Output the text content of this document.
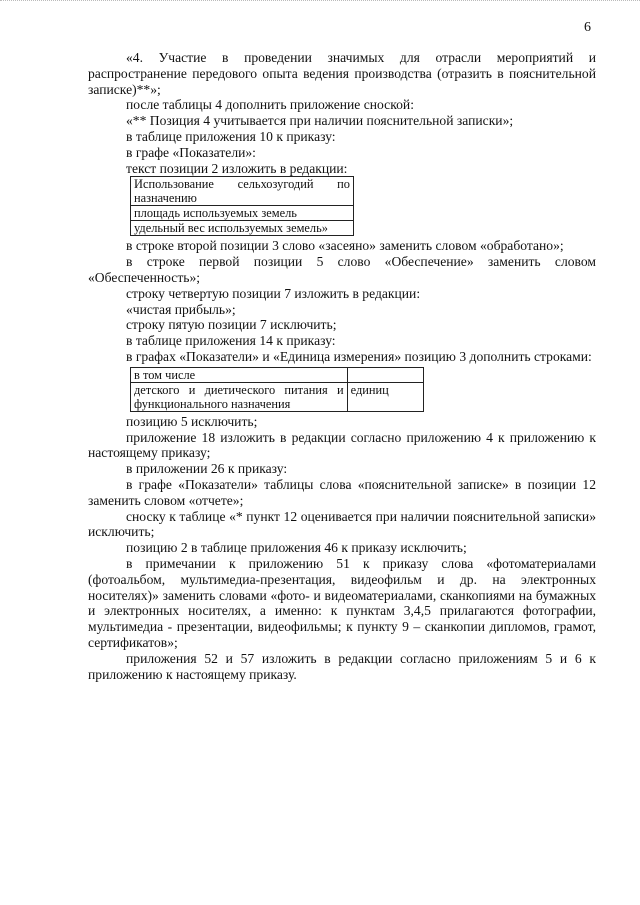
6

«4. Участие в проведении значимых для отрасли мероприятий и распространение передового опыта ведения производства (отразить в пояснительной записке)**»;

после таблицы 4 дополнить приложение сноской:

«** Позиция 4 учитывается при наличии пояснительной записки»;

в таблице приложения 10 к приказу:

в графе «Показатели»:

текст позиции 2 изложить в редакции:

Использование сельхозугодий по
назначению

площадь используемых земель
удельный вес используемых земель»

в строке второй позиции 3 слово «засеяно» заменить словом «обработано»;

в строке первой позиции 5 слово «Обеспечение» заменить словом «Обеспеченность»;

строку четвертую позиции 7 изложить в редакции:

«чистая прибыль»;

строку пятую позиции 7 исключить;

в таблице приложения 14 к приказу:

в графах «Показатели» и «Единица измерения» позицию 3 дополнить строками:

в том числе	

детского и диетического питания и
функционального назначения	единиц

позицию 5 исключить;

приложение 18 изложить в редакции согласно приложению 4 к приложению к настоящему приказу;

в приложении 26 к приказу:

в графе «Показатели» таблицы слова «пояснительной записке» в позиции 12 заменить словом «отчете»;

сноску к таблице «* пункт 12 оценивается при наличии пояснительной записки» исключить;

позицию 2 в таблице приложения 46 к приказу исключить;

в примечании к приложению 51 к приказу слова «фотоматериалами (фотоальбом, мультимедиа-презентация, видеофильм и др. на электронных носителях)» заменить словами «фото- и видеоматериалами, сканкопиями на бумажных и электронных носителях, а именно: к пунктам 3,4,5 прилагаются фотографии, мультимедиа - презентации, видеофильмы; к пункту 9 – сканкопии дипломов, грамот, сертификатов»;

приложения 52 и 57 изложить в редакции согласно приложениям 5 и 6 к приложению к настоящему приказу.
